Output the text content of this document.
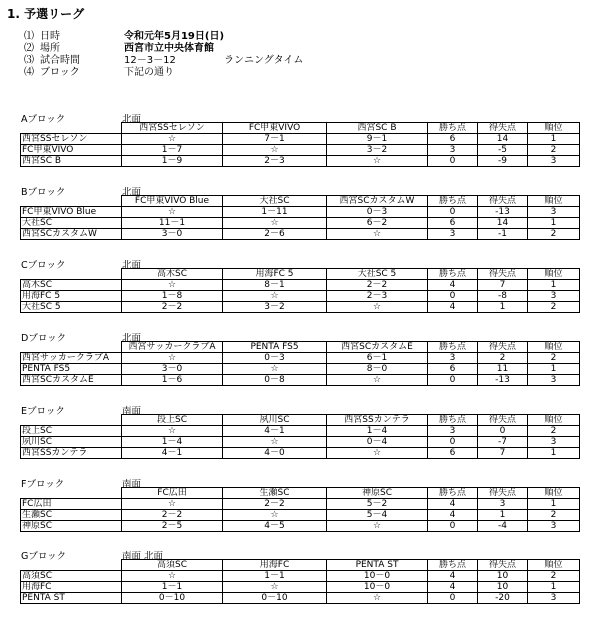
1. 予選リーグ
⑴ 日時	令和元年5月19日(日)
⑵ 場所	西宮市立中央体育館
⑶ 試合時間	12－3－12	ランニングタイム
⑷ ブロック	下記の通り
Aブロック	北面
	西宮SSセレソン	FC甲東VIVO	西宮SC B	勝ち点	得失点	順位
西宮SSセレソン	☆	7－1	9－1	6	14	1
FC甲東VIVO	1－7	☆	3－2	3	-5	2
西宮SC B	1－9	2－3	☆	0	-9	3
Bブロック	北面
	FC甲東VIVO Blue	大社SC	西宮SCカスタムW	勝ち点	得失点	順位
FC甲東VIVO Blue	☆	1－11	0－3	0	-13	3
大社SC	11－1	☆	6－2	6	14	1
西宮SCカスタムW	3－0	2－6	☆	3	-1	2
Cブロック	北面
	高木SC	用海FC 5	大社SC 5	勝ち点	得失点	順位
高木SC	☆	8－1	2－2	4	7	1
用海FC 5	1－8	☆	2－3	0	-8	3
大社SC 5	2－2	3－2	☆	4	1	2
Dブロック	北面
	西宮サッカークラブA	PENTA FS5	西宮SCカスタムE	勝ち点	得失点	順位
西宮サッカークラブA	☆	0－3	6－1	3	2	2
PENTA FS5	3－0	☆	8－0	6	11	1
西宮SCカスタムE	1－6	0－8	☆	0	-13	3
Eブロック	南面
	段上SC	夙川SC	西宮SSカンテラ	勝ち点	得失点	順位
段上SC	☆	4－1	1－4	3	0	2
夙川SC	1－4	☆	0－4	0	-7	3
西宮SSカンテラ	4－1	4－0	☆	6	7	1
Fブロック	南面
	FC広田	生瀬SC	神原SC	勝ち点	得失点	順位
FC広田	☆	2－2	5－2	4	3	1
生瀬SC	2－2	☆	5－4	4	1	2
神原SC	2－5	4－5	☆	0	-4	3
Gブロック	南面 北面
	高須SC	用海FC	PENTA ST	勝ち点	得失点	順位
高須SC	☆	1－1	10－0	4	10	2
用海FC	1－1	☆	10－0	4	10	1
PENTA ST	0－10	0－10	☆	0	-20	3
